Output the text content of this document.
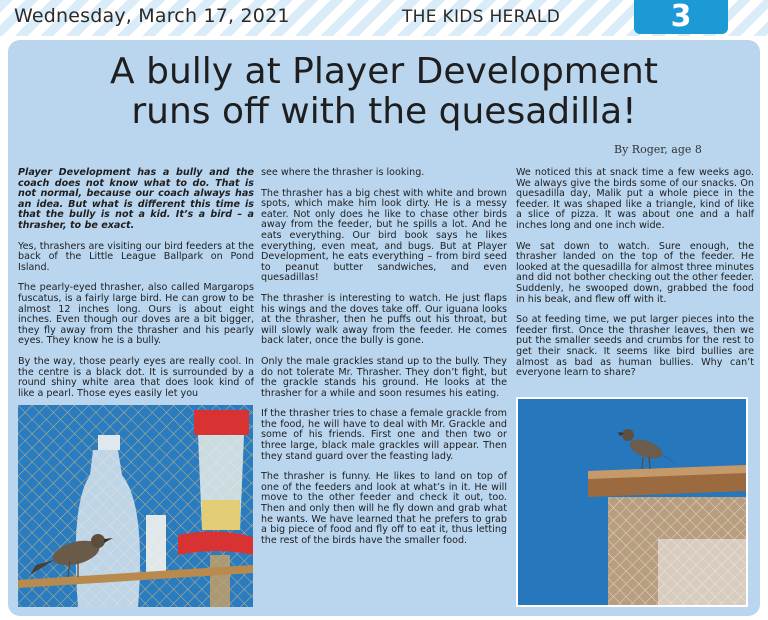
Wednesday, March 17, 2021	THE KIDS HERALD	3
A bully at Player Development
runs off with the quesadilla!
By Roger, age 8

Player Development has a bully and the coach does not know what to do. That is not normal, because our coach always has an idea. But what is different this time is that the bully is not a kid. It’s a bird – a thrasher, to be exact.

Yes, thrashers are visiting our bird feeders at the back of the Little League Ballpark on Pond Island.

The pearly-eyed thrasher, also called Margarops fuscatus, is a fairly large bird. He can grow to be almost 12 inches long. Ours is about eight inches. Even though our doves are a bit bigger, they fly away from the thrasher and his pearly eyes. They know he is a bully.

By the way, those pearly eyes are really cool. In the centre is a black dot. It is surrounded by a round shiny white area that does look kind of like a pearl. Those eyes easily let you

see where the thrasher is looking.

The thrasher has a big chest with white and brown spots, which make him look dirty. He is a messy eater. Not only does he like to chase other birds away from the feeder, but he spills a lot. And he eats everything. Our bird book says he likes everything, even meat, and bugs. But at Player Development, he eats everything – from bird seed to peanut butter sandwiches, and even quesadillas!

The thrasher is interesting to watch. He just flaps his wings and the doves take off. Our iguana looks at the thrasher, then he puffs out his throat, but will slowly walk away from the feeder. He comes back later, once the bully is gone.

Only the male grackles stand up to the bully. They do not tolerate Mr. Thrasher. They don’t fight, but the grackle stands his ground. He looks at the thrasher for a while and soon resumes his eating.

If the thrasher tries to chase a female grackle from the food, he will have to deal with Mr. Grackle and some of his friends. First one and then two or three large, black male grackles will appear. Then they stand guard over the feasting lady.

The thrasher is funny. He likes to land on top of one of the feeders and look at what’s in it. He will move to the other feeder and check it out, too. Then and only then will he fly down and grab what he wants. We have learned that he prefers to grab a big piece of food and fly off to eat it, thus letting the rest of the birds have the smaller food.

We noticed this at snack time a few weeks ago. We always give the birds some of our snacks. On quesadilla day, Malik put a whole piece in the feeder. It was shaped like a triangle, kind of like a slice of pizza. It was about one and a half inches long and one inch wide.

We sat down to watch. Sure enough, the thrasher landed on the top of the feeder. He looked at the quesadilla for almost three minutes and did not bother checking out the other feeder. Suddenly, he swooped down, grabbed the food in his beak, and flew off with it.

So at feeding time, we put larger pieces into the feeder first. Once the thrasher leaves, then we put the smaller seeds and crumbs for the rest to get their snack. It seems like bird bullies are almost as bad as human bullies. Why can’t everyone learn to share?
